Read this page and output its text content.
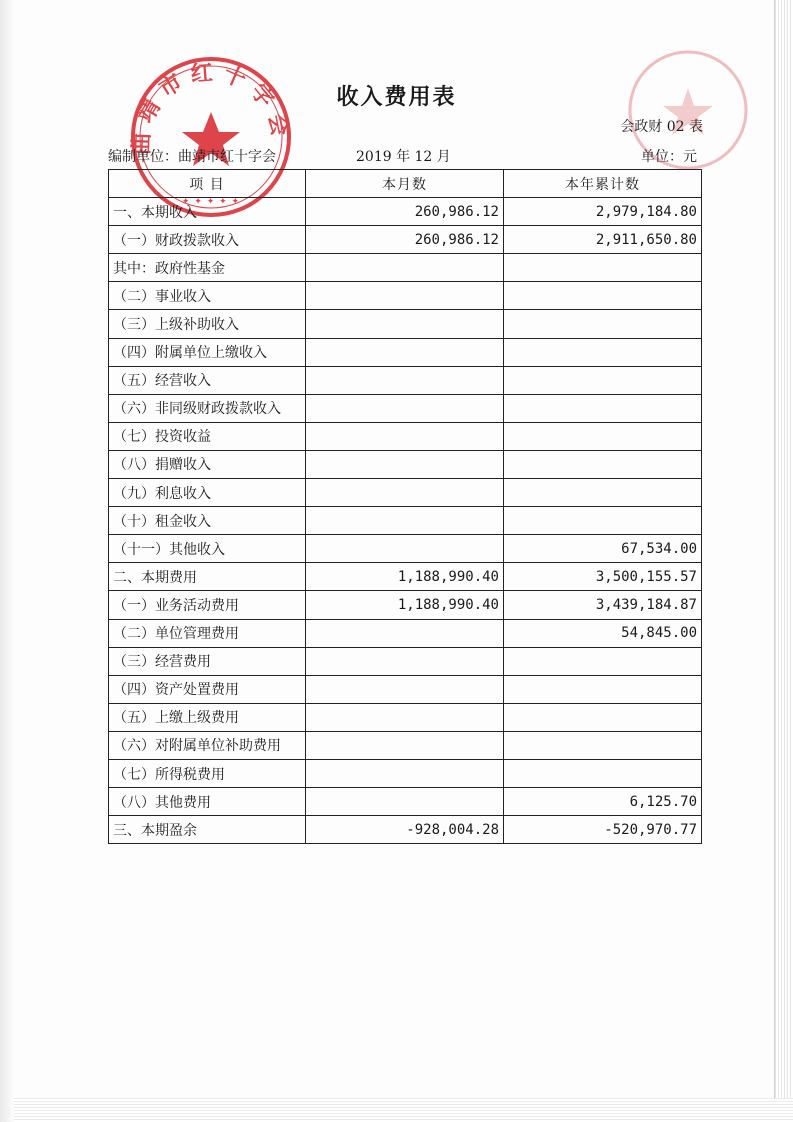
曲靖市红十字会
✦ ✦ ✦ ✦ ✦
收入费用表
会政财 02 表
编制单位：曲靖市红十字会	2019 年 12 月	单位：元
项 目	本月数	本年累计数
一、本期收入	260,986.12	2,979,184.80
（一）财政拨款收入	260,986.12	2,911,650.80
其中：政府性基金		
（二）事业收入		
（三）上级补助收入		
（四）附属单位上缴收入		
（五）经营收入		
（六）非同级财政拨款收入		
（七）投资收益		
（八）捐赠收入		
（九）利息收入		
（十）租金收入		
（十一）其他收入		67,534.00
二、本期费用	1,188,990.40	3,500,155.57
（一）业务活动费用	1,188,990.40	3,439,184.87
（二）单位管理费用		54,845.00
（三）经营费用		
（四）资产处置费用		
（五）上缴上级费用		
（六）对附属单位补助费用		
（七）所得税费用		
（八）其他费用		6,125.70
三、本期盈余	-928,004.28	-520,970.77
